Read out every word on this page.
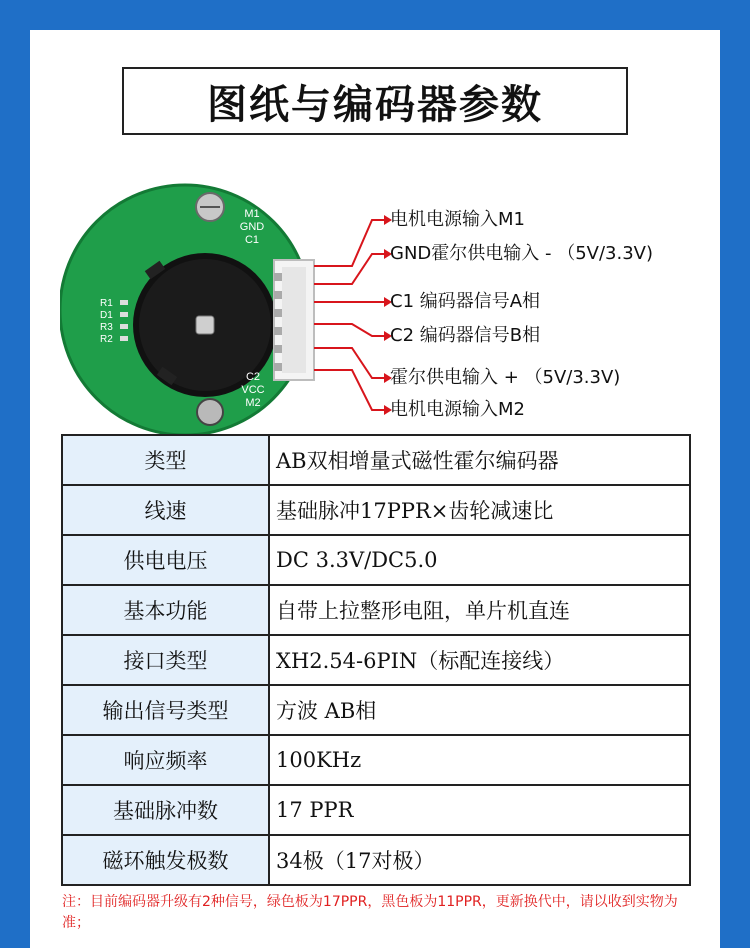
图纸与编码器参数
M1
GND
C1
C2
VCC
M2
R1
D1
R3
R2
电机电源输入M1
GND霍尔供电输入 - （5V/3.3V)
C1 编码器信号A相
C2 编码器信号B相
霍尔供电输入 + （5V/3.3V)
电机电源输入M2
类型	AB双相增量式磁性霍尔编码器
线速	基础脉冲17PPR×齿轮减速比
供电电压	DC 3.3V/DC5.0
基本功能	自带上拉整形电阻，单片机直连
接口类型	XH2.54-6PIN（标配连接线）
输出信号类型	方波 AB相
响应频率	100KHz
基础脉冲数	17 PPR
磁环触发极数	34极（17对极）
注：目前编码器升级有2种信号，绿色板为17PPR，黑色板为11PPR，更新换代中，请以收到实物为准；
